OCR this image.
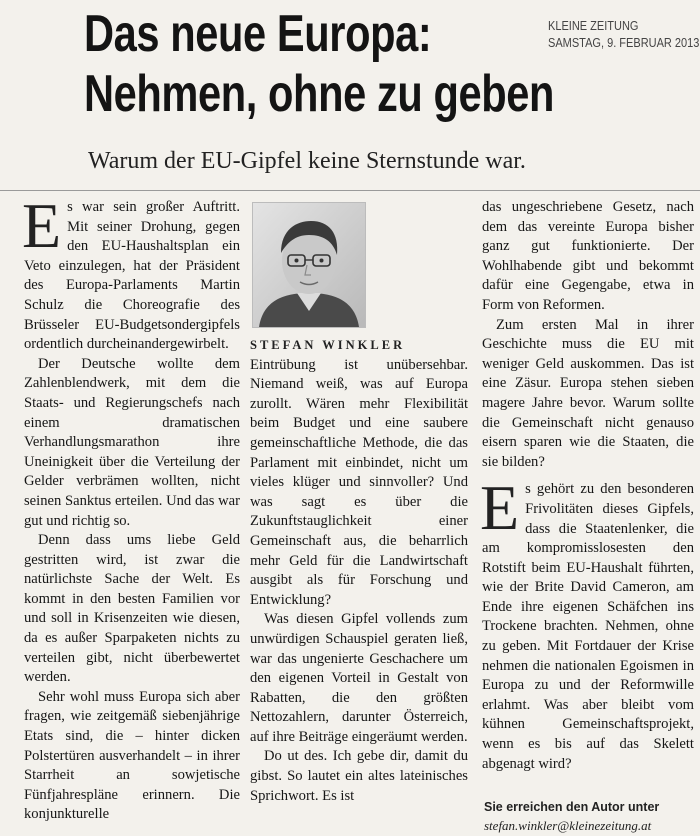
Das neue Europa:
Nehmen, ohne zu geben
KLEINE ZEITUNG
SAMSTAG, 9. FEBRUAR 2013
Warum der EU-Gipfel keine Sternstunde war.

Es war sein großer Auftritt. Mit seiner Drohung, gegen den EU-Haushaltsplan ein Veto einzulegen, hat der Präsident des Europa-Parlaments Martin Schulz die Choreografie des Brüsseler EU-Budgetsondergipfels ordentlich durcheinandergewirbelt.

Der Deutsche wollte dem Zahlenblendwerk, mit dem die Staats- und Regierungschefs nach einem dramatischen Verhandlungsmarathon ihre Uneinigkeit über die Verteilung der Gelder verbrämen wollten, nicht seinen Sanktus erteilen. Und das war gut und richtig so.

Denn dass ums liebe Geld gestritten wird, ist zwar die natürlichste Sache der Welt. Es kommt in den besten Familien vor und soll in Krisenzeiten wie diesen, da es außer Sparpaketen nichts zu verteilen gibt, nicht überbewertet werden.

Sehr wohl muss Europa sich aber fragen, wie zeitgemäß siebenjährige Etats sind, die – hinter dicken Polstertüren ausverhandelt – in ihrer Starrheit an sowjetische Fünfjahrespläne erinnern. Die konjunkturelle

STEFAN WINKLER

Eintrübung ist unübersehbar. Niemand weiß, was auf Europa zurollt. Wären mehr Flexibilität beim Budget und eine saubere gemeinschaftliche Methode, die das Parlament mit einbindet, nicht um vieles klüger und sinnvoller? Und was sagt es über die Zukunftstauglichkeit einer Gemeinschaft aus, die beharrlich mehr Geld für die Landwirtschaft ausgibt als für Forschung und Entwicklung?

Was diesen Gipfel vollends zum unwürdigen Schauspiel geraten ließ, war das ungenierte Geschachere um den eigenen Vorteil in Gestalt von Rabatten, die den größten Nettozahlern, darunter Österreich, auf ihre Beiträge eingeräumt werden.

Do ut des. Ich gebe dir, damit du gibst. So lautet ein altes lateinisches Sprichwort. Es ist

das ungeschriebene Gesetz, nach dem das vereinte Europa bisher ganz gut funktionierte. Der Wohlhabende gibt und bekommt dafür eine Gegengabe, etwa in Form von Reformen.

Zum ersten Mal in ihrer Geschichte muss die EU mit weniger Geld auskommen. Das ist eine Zäsur. Europa stehen sieben magere Jahre bevor. Warum sollte die Gemeinschaft nicht genauso eisern sparen wie die Staaten, die sie bilden?

Es gehört zu den besonderen Frivolitäten dieses Gipfels, dass die Staatenlenker, die am kompromisslosesten den Rotstift beim EU-Haushalt führten, wie der Brite David Cameron, am Ende ihre eigenen Schäfchen ins Trockene brachten. Nehmen, ohne zu geben. Mit Fortdauer der Krise nehmen die nationalen Egoismen in Europa zu und der Reformwille erlahmt. Was aber bleibt vom kühnen Gemeinschaftsprojekt, wenn es bis auf das Skelett abgenagt wird?

Sie erreichen den Autor unter
stefan.winkler@kleinezeitung.at
